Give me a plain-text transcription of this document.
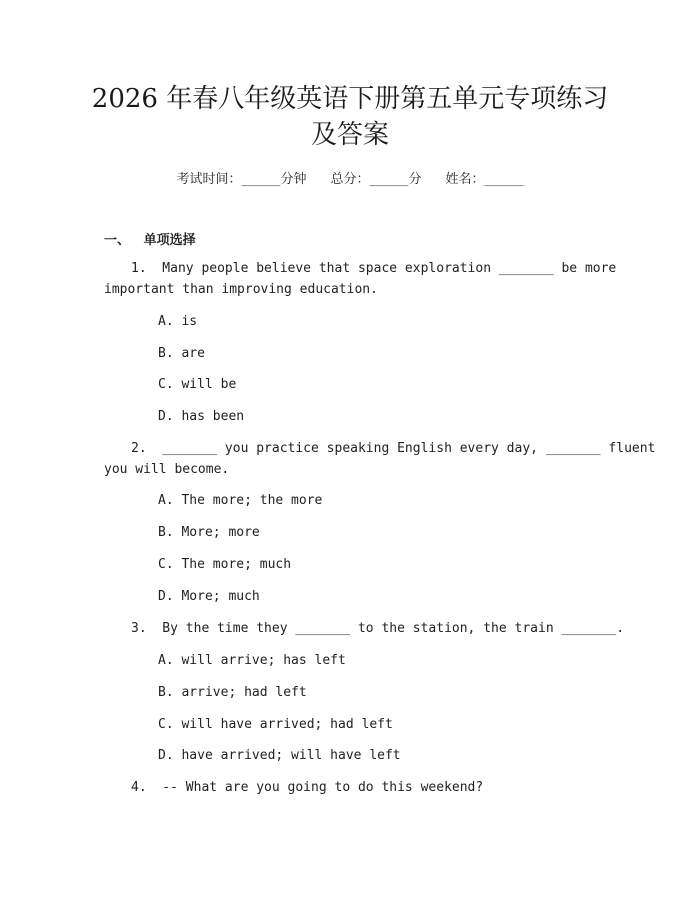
2026 年春八年级英语下册第五单元专项练习
及答案
考试时间：______分钟 总分：______分 姓名：______
一、   单项选择
1.  Many people believe that space exploration _______ be more
important than improving education.
A. is
B. are
C. will be
D. has been
2.  _______ you practice speaking English every day, _______ fluent
you will become.
A. The more; the more
B. More; more
C. The more; much
D. More; much
3.  By the time they _______ to the station, the train _______.
A. will arrive; has left
B. arrive; had left
C. will have arrived; had left
D. have arrived; will have left
4.  -- What are you going to do this weekend?
